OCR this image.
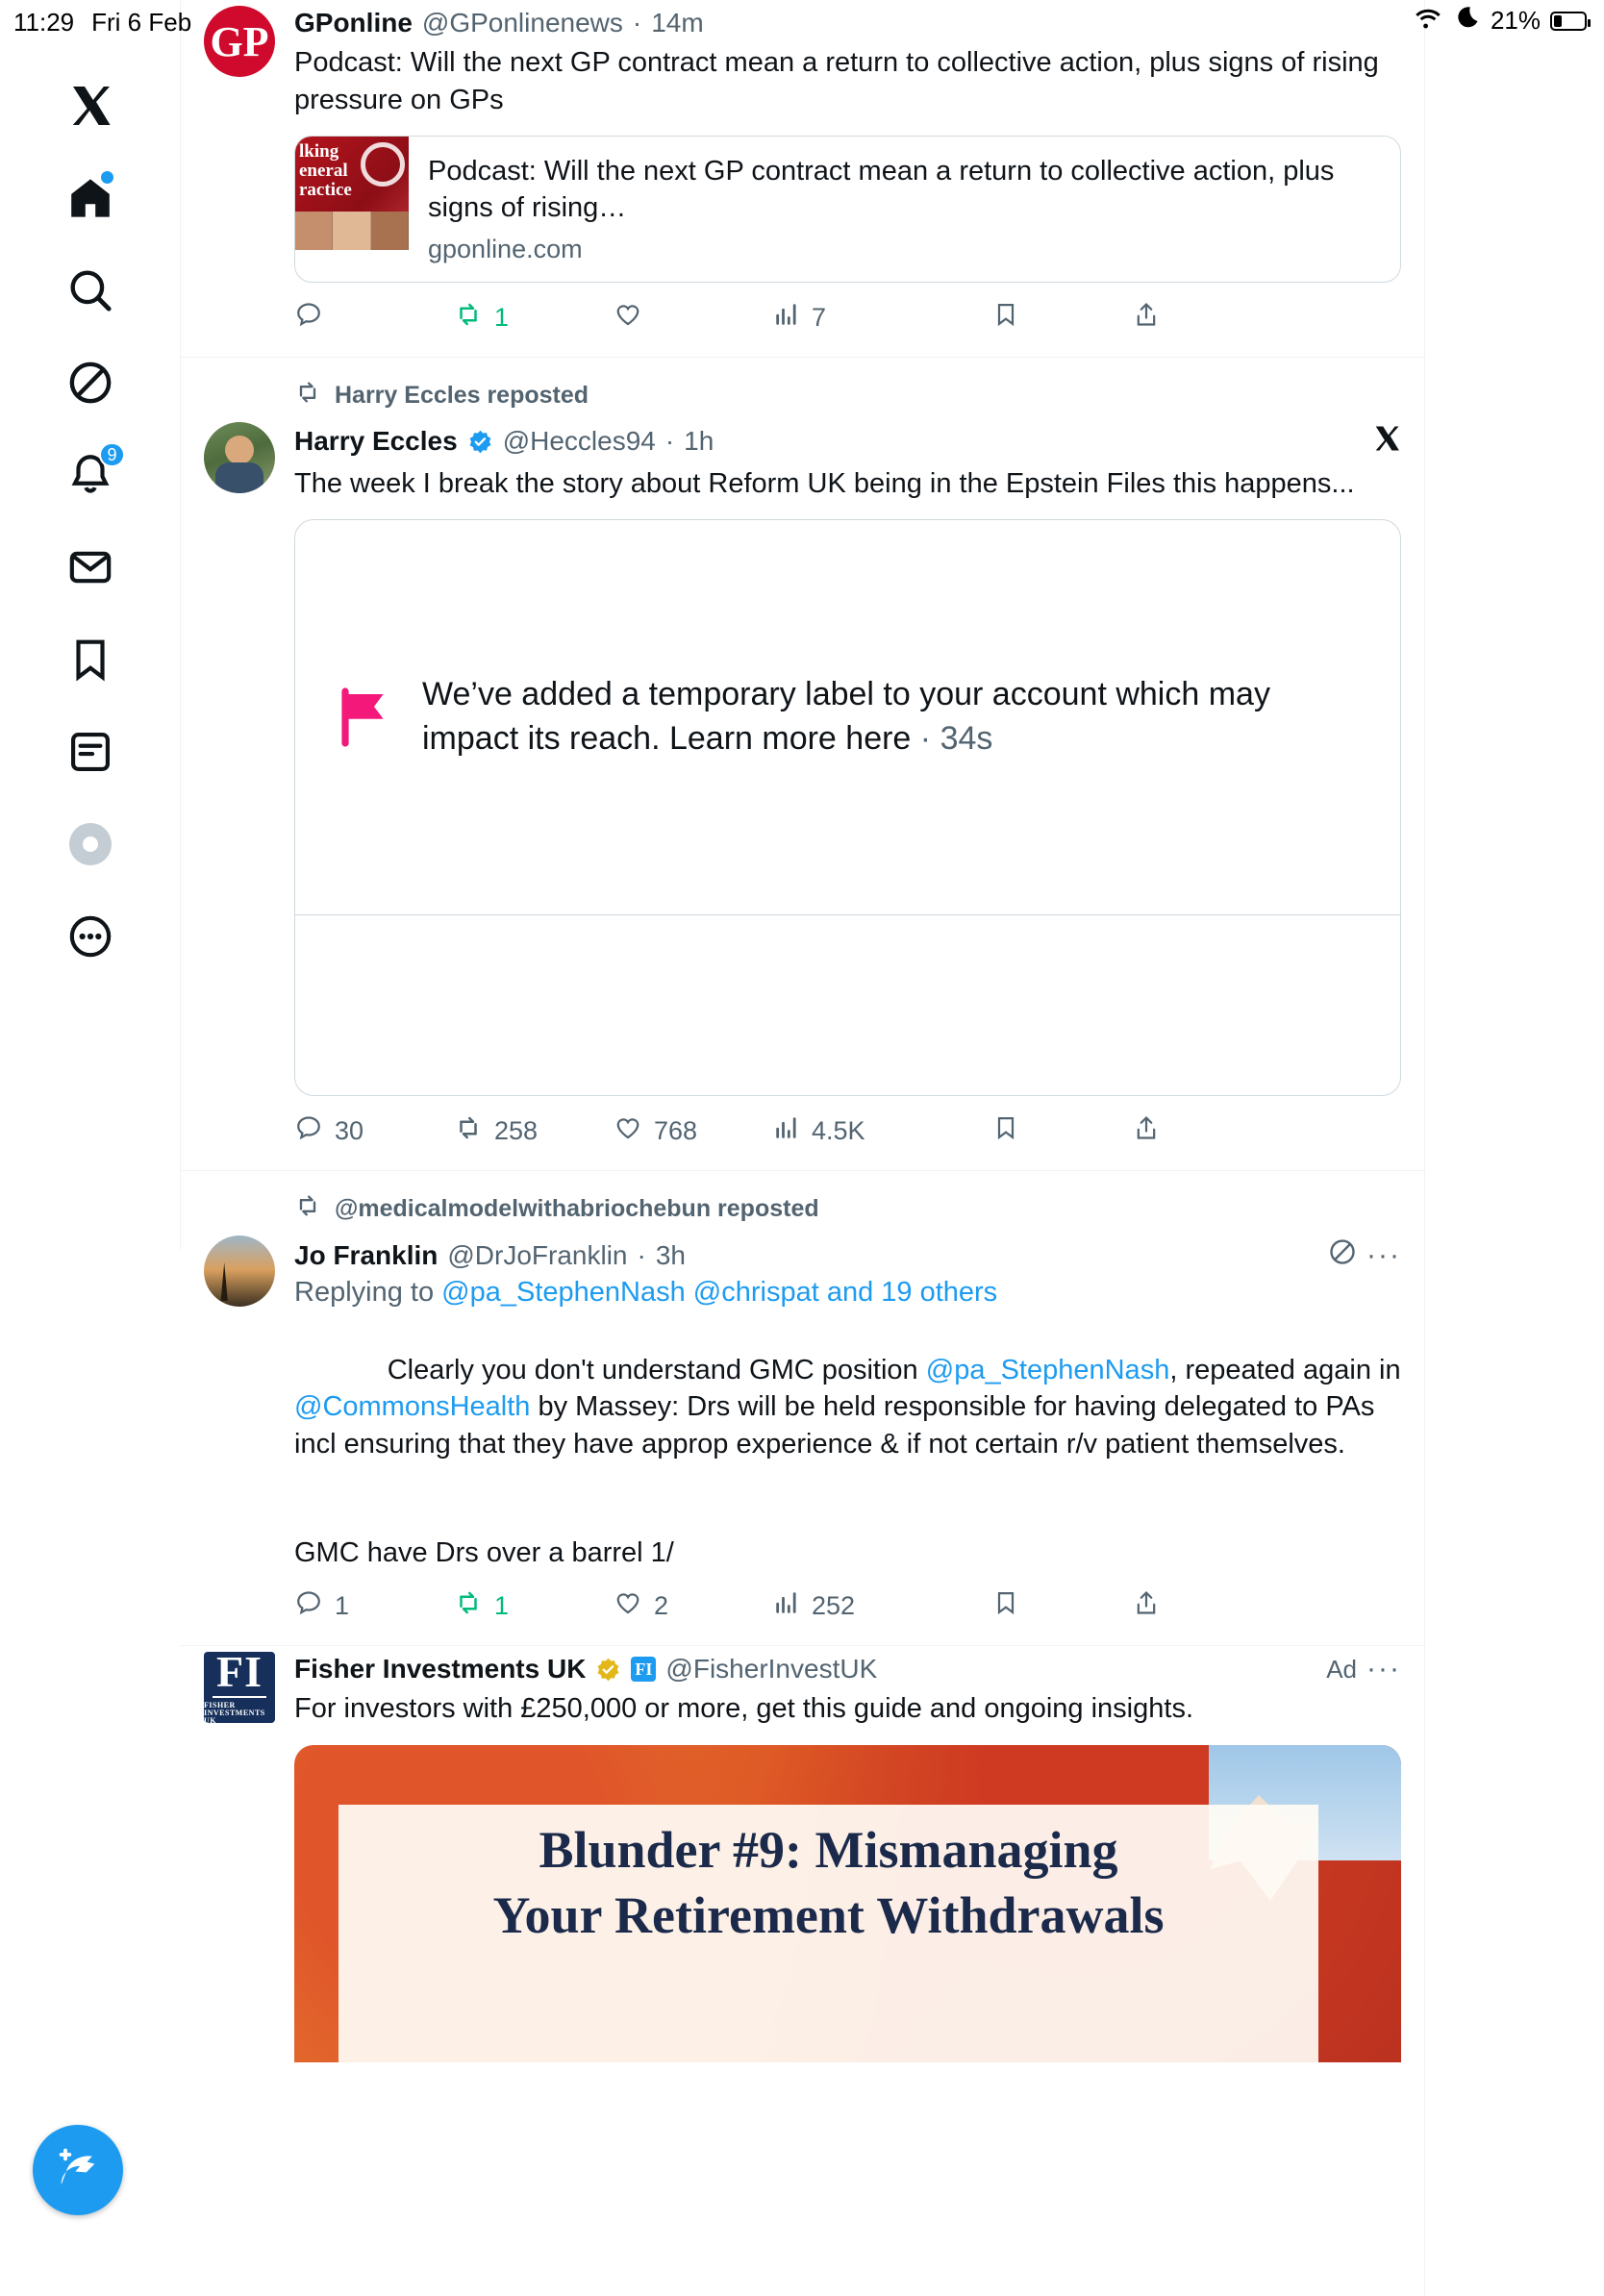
11:29 Fri 6 Feb	21%
9
GP GPonline @GPonlinenews · 14m
Podcast: Will the next GP contract mean a return to collective action, plus signs of rising pressure on GPs
lking
eneral
ractice
Podcast: Will the next GP contract mean a return to collective action, plus signs of rising…
gponline.com
1	7
Harry Eccles reposted
Harry Eccles @Heccles94 · 1h
The week I break the story about Reform UK being in the Epstein Files this happens...
We’ve added a temporary label to your account which may impact its reach. Learn more here · 34s
30	258	768	4.5K
@medicalmodelwithabriochebun reposted
Jo Franklin @DrJoFranklin · 3h	···
Replying to @pa_StephenNash @chrispat and 19 others

Clearly you don't understand GMC position @pa_StephenNash, repeated again in @CommonsHealth by Massey: Drs will be held responsible for having delegated to PAs incl ensuring that they have approp experience & if not certain r/v patient themselves.

GMC have Drs over a barrel 1/
1	1	2	252
FI
FISHER INVESTMENTS UK
Fisher Investments UK	FI @FisherInvestUK	Ad ···
For investors with £250,000 or more, get this guide and ongoing insights.
Blunder #9: Mismanaging
Your Retirement Withdrawals
